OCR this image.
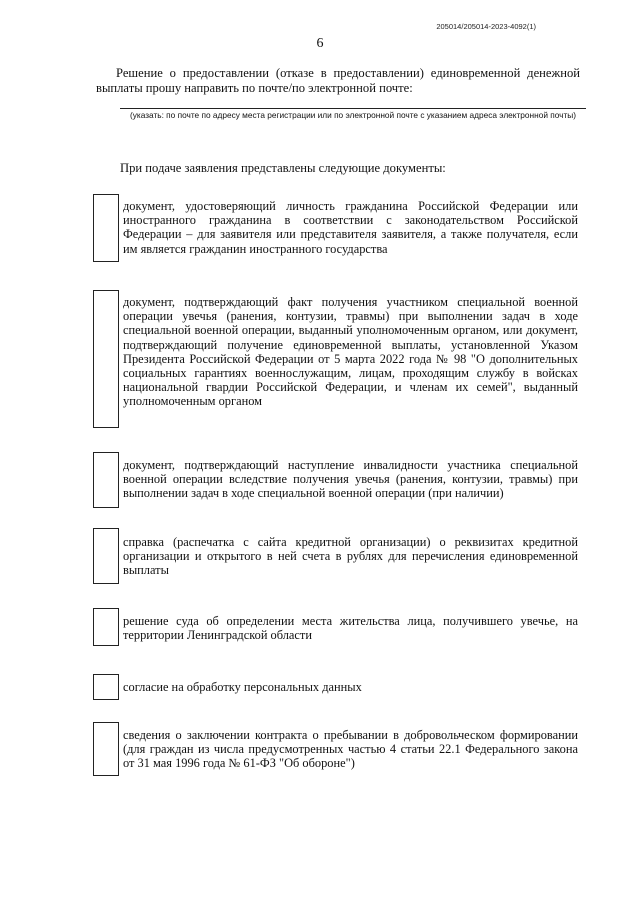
205014/205014-2023-4092(1)
6
Решение о предоставлении (отказе в предоставлении) единовременной денежной выплаты прошу направить по почте/по электронной почте:
(указать: по почте по адресу места регистрации или по электронной почте с указанием адреса электронной почты)
При подаче заявления представлены следующие документы:
документ, удостоверяющий личность гражданина Российской Федерации или иностранного гражданина в соответствии с законодательством Российской Федерации – для заявителя или представителя заявителя, а также получателя, если им является гражданин иностранного государства
документ, подтверждающий факт получения участником специальной военной операции увечья (ранения, контузии, травмы) при выполнении задач в ходе специальной военной операции, выданный уполномоченным органом, или документ, подтверждающий получение единовременной выплаты, установленной Указом Президента Российской Федерации от 5 марта 2022 года № 98 "О дополнительных социальных гарантиях военнослужащим, лицам, проходящим службу в войсках национальной гвардии Российской Федерации, и членам их семей", выданный уполномоченным органом
документ, подтверждающий наступление инвалидности участника специальной военной операции вследствие получения увечья (ранения, контузии, травмы) при выполнении задач в ходе специальной военной операции (при наличии)
справка (распечатка с сайта кредитной организации) о реквизитах кредитной организации и открытого в ней счета в рублях для перечисления единовременной выплаты
решение суда об определении места жительства лица, получившего увечье, на территории Ленинградской области
согласие на обработку персональных данных
сведения о заключении контракта о пребывании в добровольческом формировании (для граждан из числа предусмотренных частью 4 статьи 22.1 Федерального закона от 31 мая 1996 года № 61-ФЗ "Об обороне")
